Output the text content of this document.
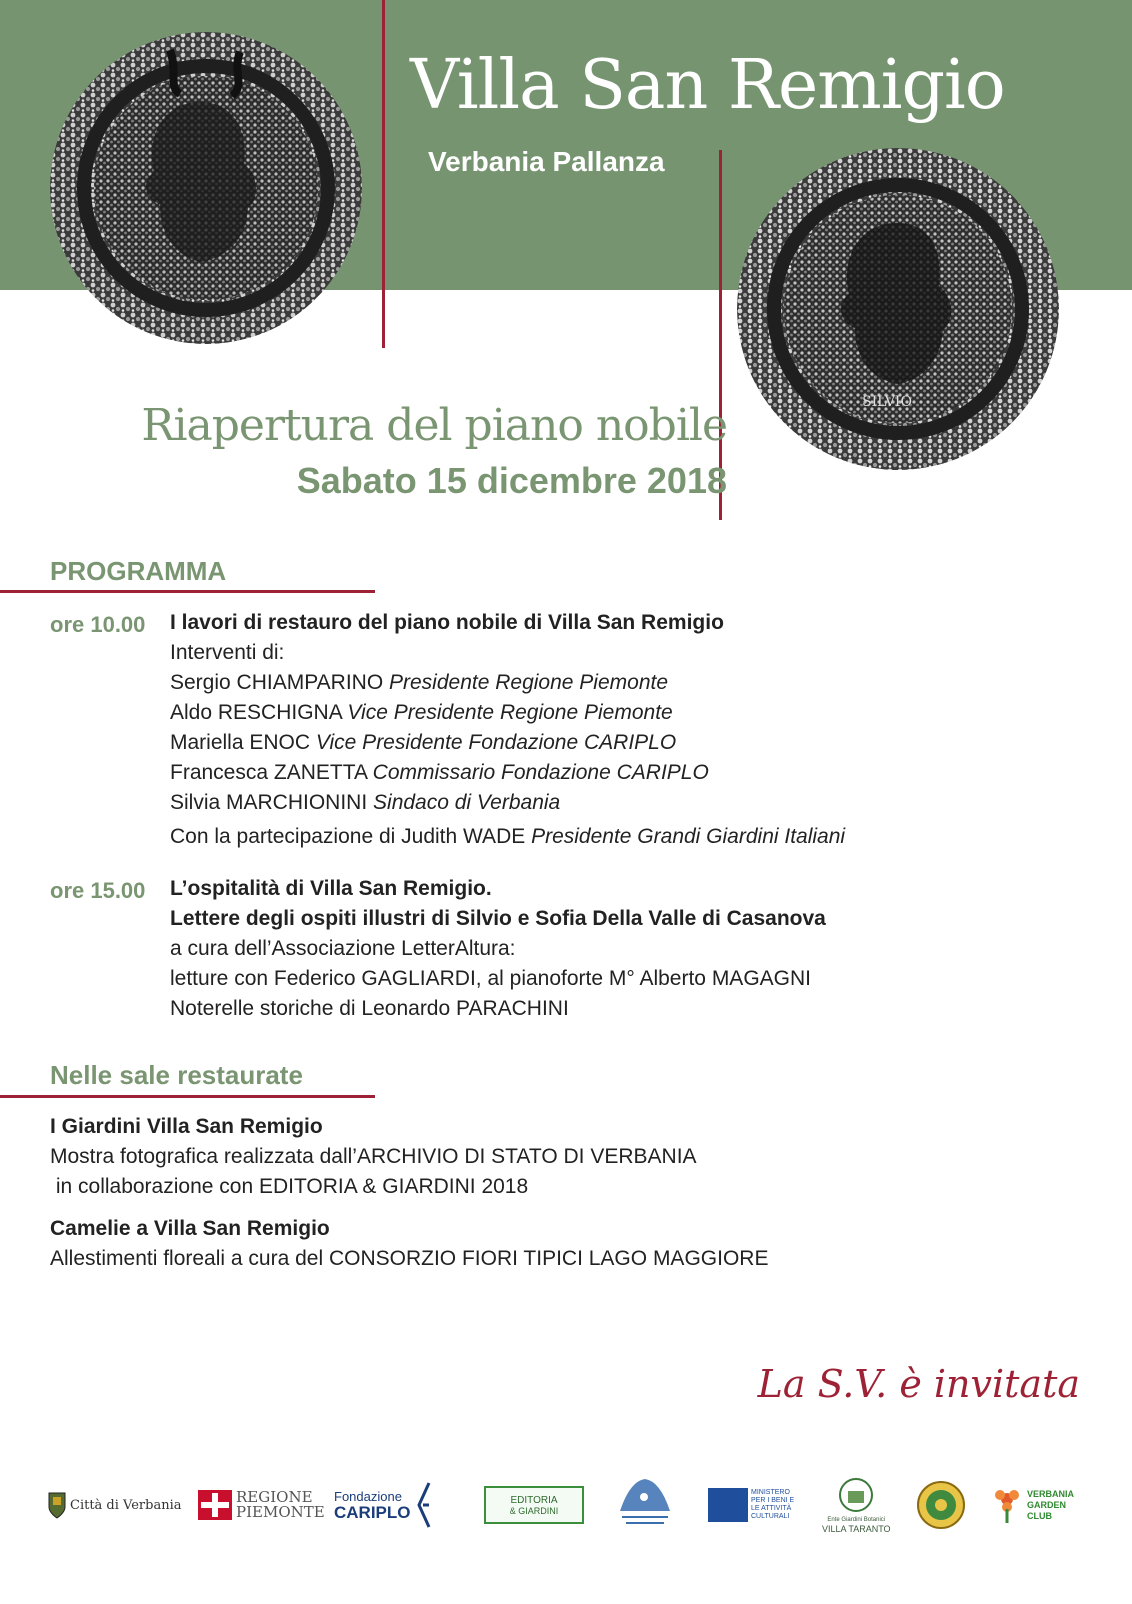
SILVIO
Villa San Remigio
Verbania Pallanza
Riapertura del piano nobile
Sabato 15 dicembre 2018
PROGRAMMA
ore 10.00 I lavori di restauro del piano nobile di Villa San Remigio
Interventi di:
Sergio CHIAMPARINO Presidente Regione Piemonte
Aldo RESCHIGNA Vice Presidente Regione Piemonte
Mariella ENOC Vice Presidente Fondazione CARIPLO
Francesca ZANETTA Commissario Fondazione CARIPLO
Silvia MARCHIONINI Sindaco di Verbania
Con la partecipazione di Judith WADE Presidente Grandi Giardini Italiani
ore 15.00 L’ospitalità di Villa San Remigio.
Lettere degli ospiti illustri di Silvio e Sofia Della Valle di Casanova
a cura dell’Associazione LetterAltura:
letture con Federico GAGLIARDI, al pianoforte M° Alberto MAGAGNI
Noterelle storiche di Leonardo PARACHINI
Nelle sale restaurate
I Giardini Villa San Remigio
Mostra fotografica realizzata dall’ARCHIVIO DI STATO DI VERBANIA
in collaborazione con EDITORIA & GIARDINI 2018
Camelie a Villa San Remigio
Allestimenti floreali a cura del CONSORZIO FIORI TIPICI LAGO MAGGIORE
La S.V. è invitata
Città di Verbania	REGIONE
PIEMONTE
Fondazione
CARIPLO
EDITORIA
& GIARDINI
MINISTERO
PER I BENI E
LE ATTIVITÀ
CULTURALI	Ente Giardini Botanici
VILLA TARANTO
VERBANIA
GARDEN
CLUB
